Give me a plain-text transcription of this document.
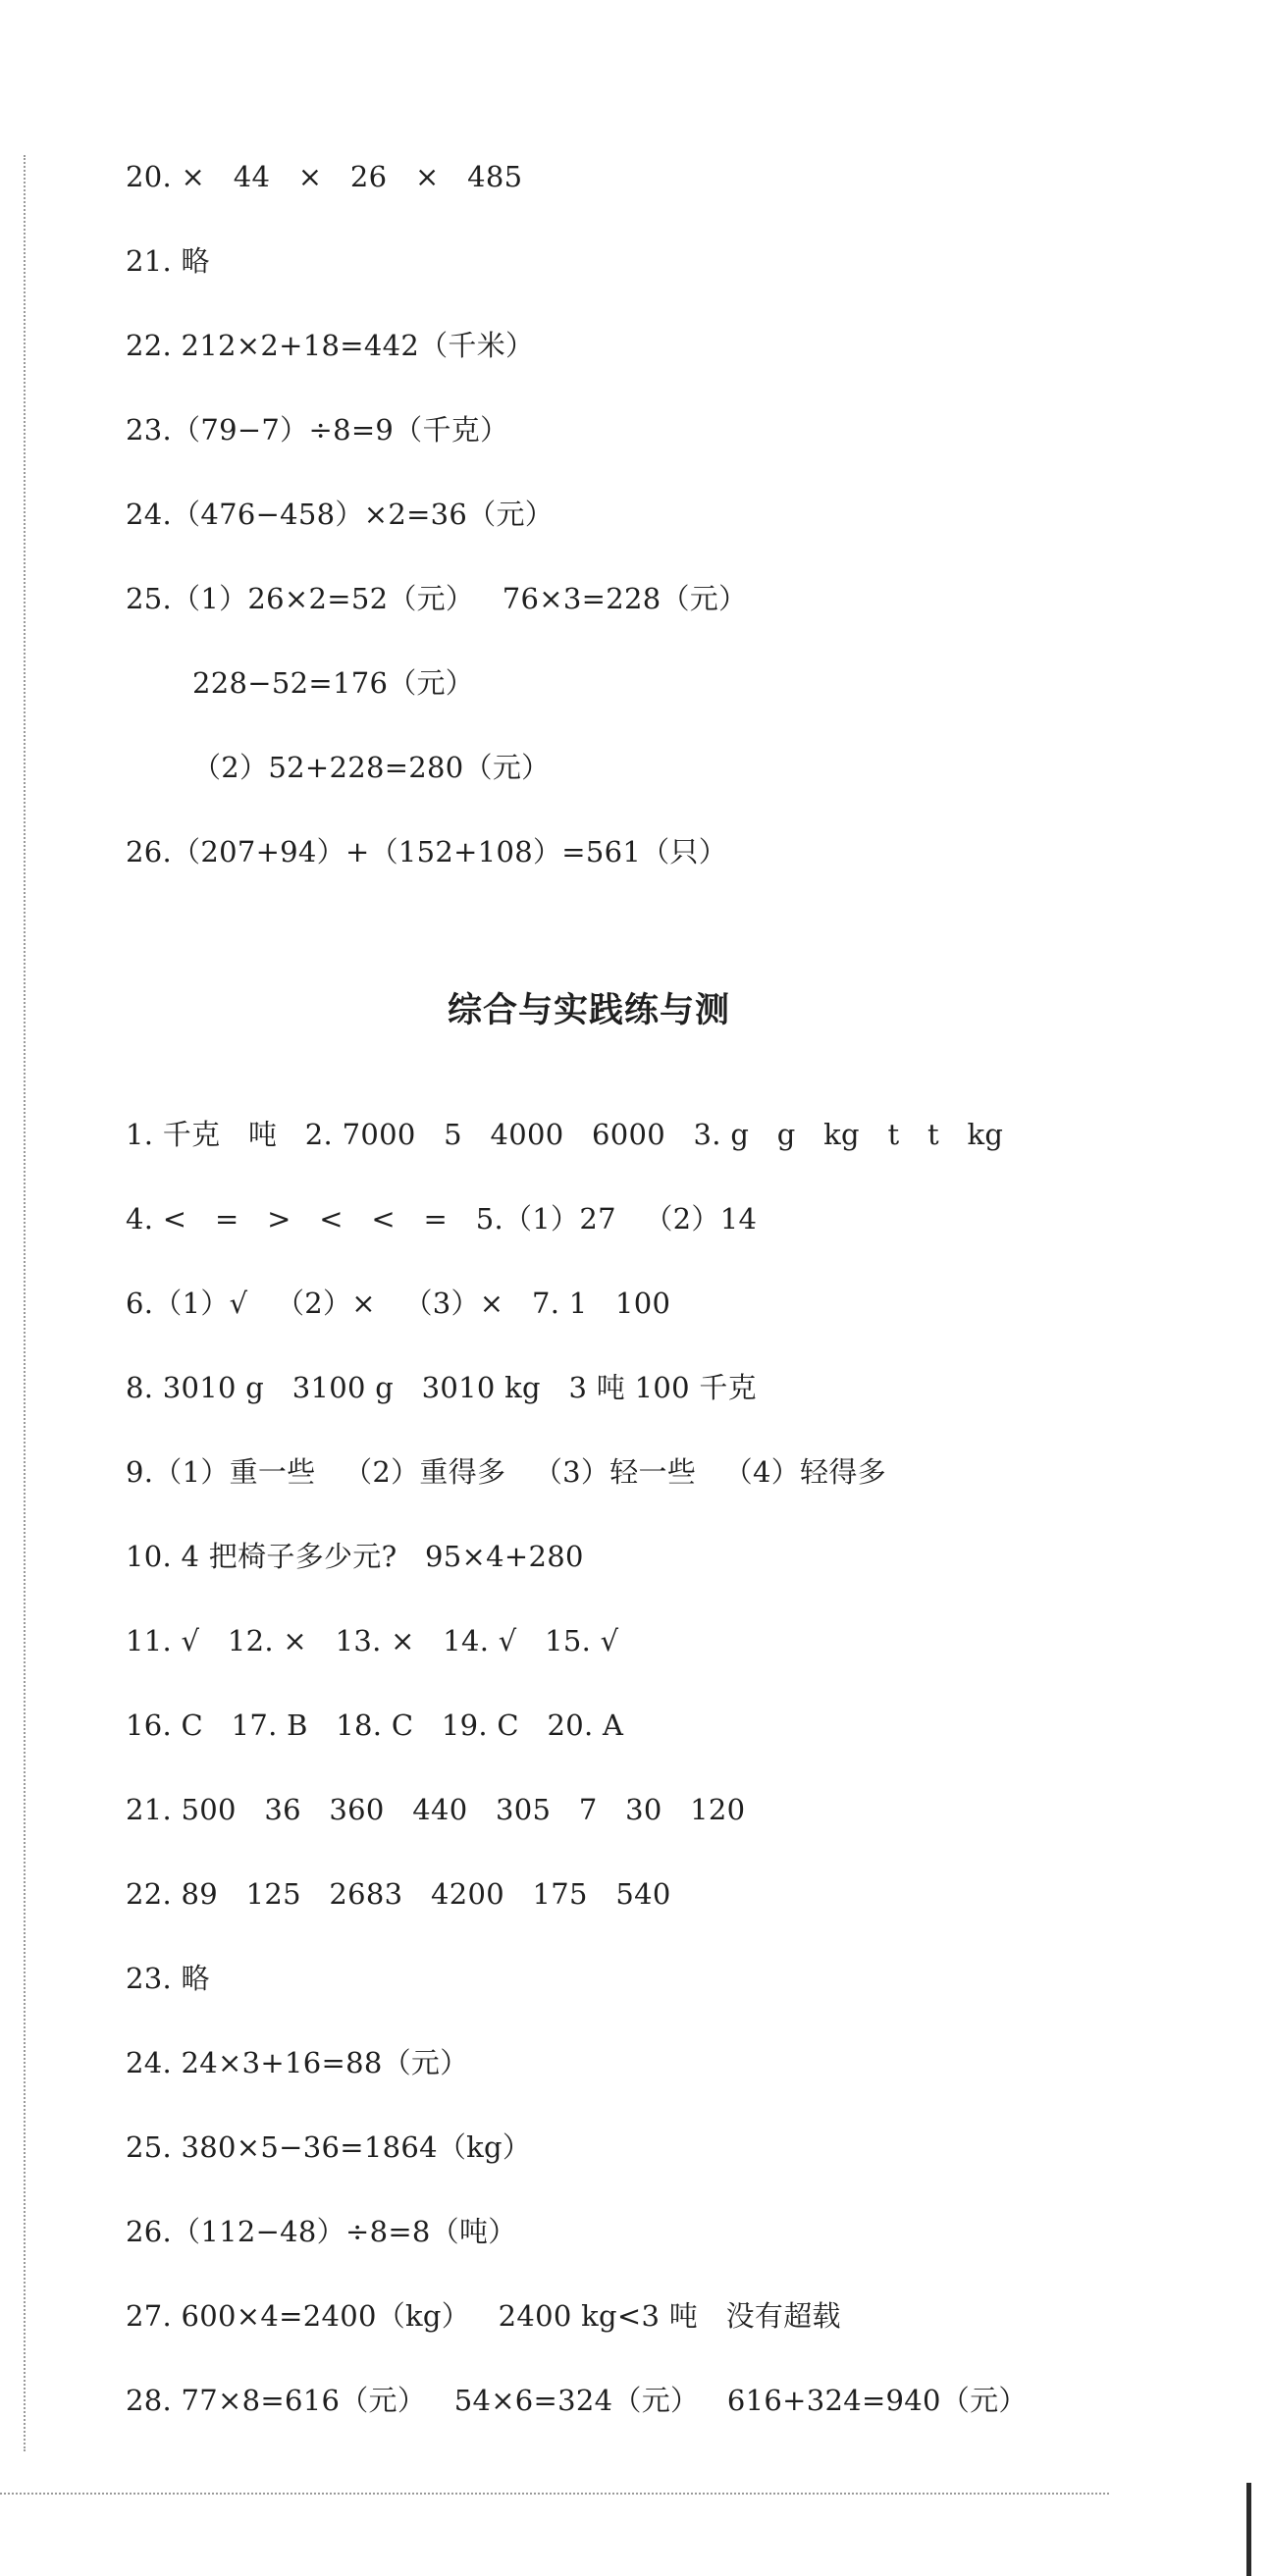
20. ×   44   ×   26   ×   485
21. 略
22. 212×2+18=442（千米）
23.（79−7）÷8=9（千克）
24.（476−458）×2=36（元）
25.（1）26×2=52（元）   76×3=228（元）
228−52=176（元）
（2）52+228=280（元）
26.（207+94）+（152+108）=561（只）
综合与实践练与测
1. 千克   吨   2. 7000   5   4000   6000   3. g   g   kg   t   t   kg
4. <   =   >   <   <   =   5.（1）27   （2）14
6.（1）√   （2）×   （3）×   7. 1   100
8. 3010 g   3100 g   3010 kg   3 吨 100 千克
9.（1）重一些   （2）重得多   （3）轻一些   （4）轻得多
10. 4 把椅子多少元?   95×4+280
11. √   12. ×   13. ×   14. √   15. √
16. C   17. B   18. C   19. C   20. A
21. 500   36   360   440   305   7   30   120
22. 89   125   2683   4200   175   540
23. 略
24. 24×3+16=88（元）
25. 380×5−36=1864（kg）
26.（112−48）÷8=8（吨）
27. 600×4=2400（kg）   2400 kg<3 吨   没有超载
28. 77×8=616（元）   54×6=324（元）   616+324=940（元）
